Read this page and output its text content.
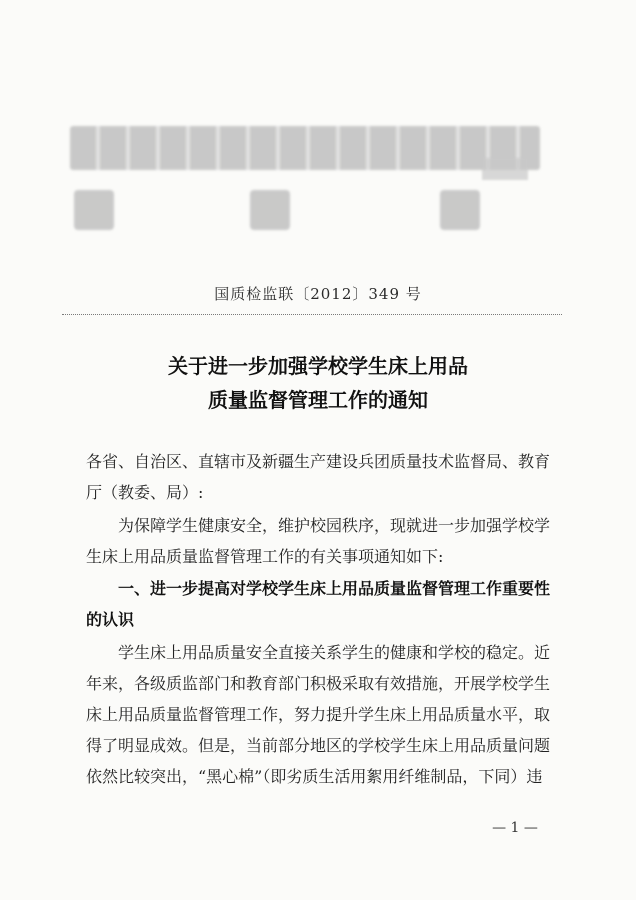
国质检监联〔2012〕349 号
关于进一步加强学校学生床上用品
质量监督管理工作的通知
各省、自治区、直辖市及新疆生产建设兵团质量技术监督局、教育
厅（教委、局）:
为保障学生健康安全，维护校园秩序，现就进一步加强学校学
生床上用品质量监督管理工作的有关事项通知如下:
一、进一步提高对学校学生床上用品质量监督管理工作重要性
的认识
学生床上用品质量安全直接关系学生的健康和学校的稳定。近
年来，各级质监部门和教育部门积极采取有效措施，开展学校学生
床上用品质量监督管理工作，努力提升学生床上用品质量水平，取
得了明显成效。但是，当前部分地区的学校学生床上用品质量问题
依然比较突出，“黑心棉”（即劣质生活用絮用纤维制品，下同）违
— 1 —
